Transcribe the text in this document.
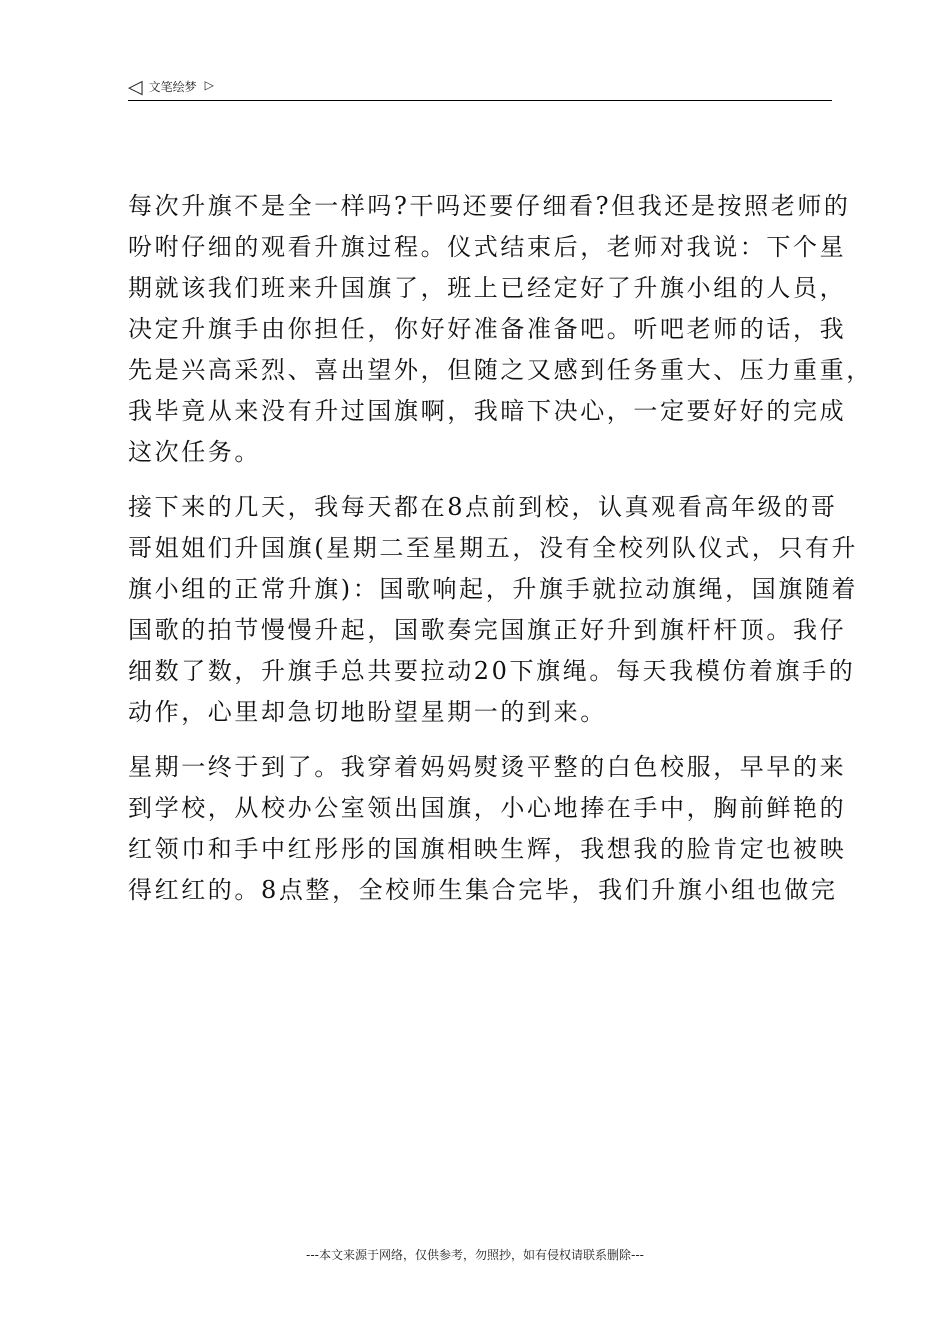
◁ 文笔绘梦 ▷
每次升旗不是全一样吗?干吗还要仔细看?但我还是按照老师的
吩咐仔细的观看升旗过程。仪式结束后，老师对我说：下个星
期就该我们班来升国旗了，班上已经定好了升旗小组的人员，
决定升旗手由你担任，你好好准备准备吧。听吧老师的话，我
先是兴高采烈、喜出望外，但随之又感到任务重大、压力重重，
我毕竟从来没有升过国旗啊，我暗下决心，一定要好好的完成
这次任务。
接下来的几天，我每天都在8点前到校，认真观看高年级的哥
哥姐姐们升国旗(星期二至星期五，没有全校列队仪式，只有升
旗小组的正常升旗)：国歌响起，升旗手就拉动旗绳，国旗随着
国歌的拍节慢慢升起，国歌奏完国旗正好升到旗杆杆顶。我仔
细数了数，升旗手总共要拉动20下旗绳。每天我模仿着旗手的
动作，心里却急切地盼望星期一的到来。
星期一终于到了。我穿着妈妈熨烫平整的白色校服，早早的来
到学校，从校办公室领出国旗，小心地捧在手中，胸前鲜艳的
红领巾和手中红彤彤的国旗相映生辉，我想我的脸肯定也被映
得红红的。8点整，全校师生集合完毕，我们升旗小组也做完
---本文来源于网络，仅供参考，勿照抄，如有侵权请联系删除---
